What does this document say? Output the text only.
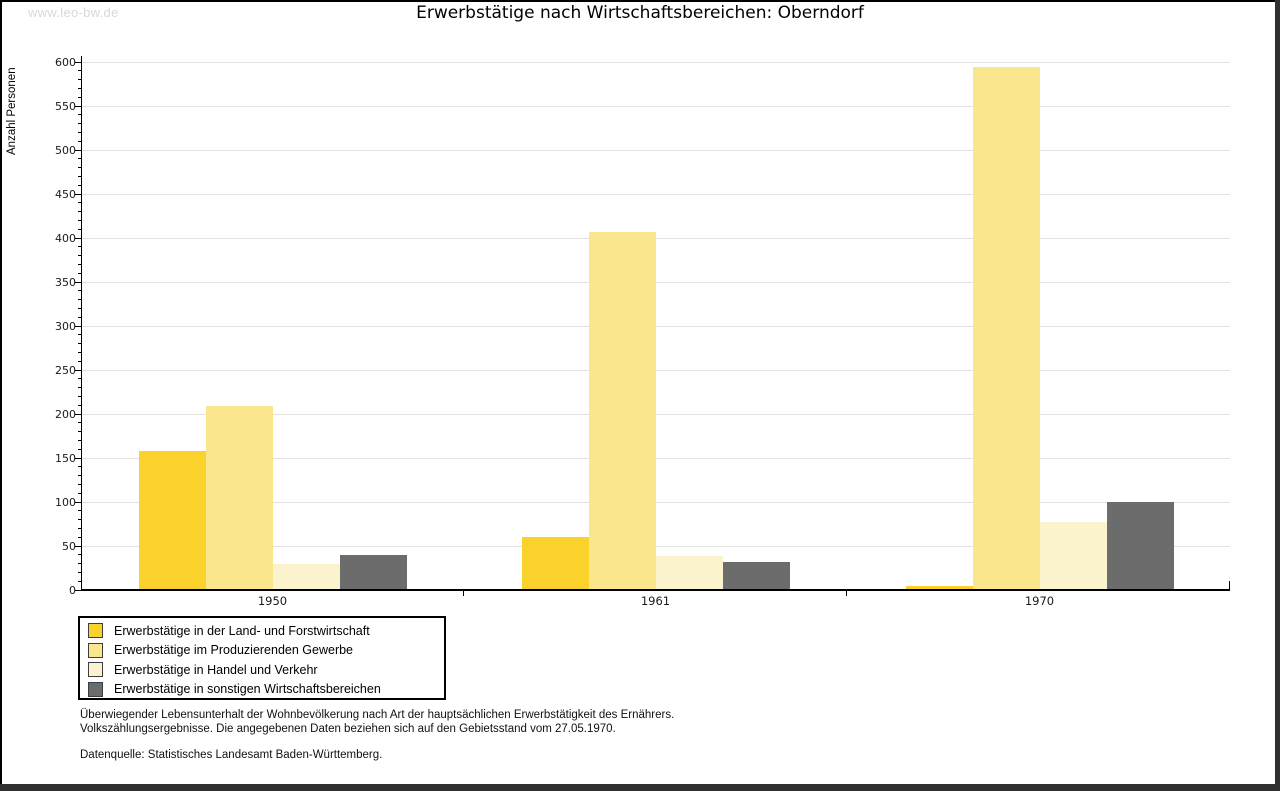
www.leo-bw.de	Erwerbstätige nach Wirtschaftsbereichen: Oberndorf
Anzahl Personen
1950	1961	1970
0
50
100
150
200
250
300
350
400
450
500
550
600
Erwerbstätige in der Land- und Forstwirtschaft
Erwerbstätige im Produzierenden Gewerbe
Erwerbstätige in Handel und Verkehr
Erwerbstätige in sonstigen Wirtschaftsbereichen
Überwiegender Lebensunterhalt der Wohnbevölkerung nach Art der hauptsächlichen Erwerbstätigkeit des Ernährers.
Volkszählungsergebnisse. Die angegebenen Daten beziehen sich auf den Gebietsstand vom 27.05.1970.
Datenquelle: Statistisches Landesamt Baden-Württemberg.
